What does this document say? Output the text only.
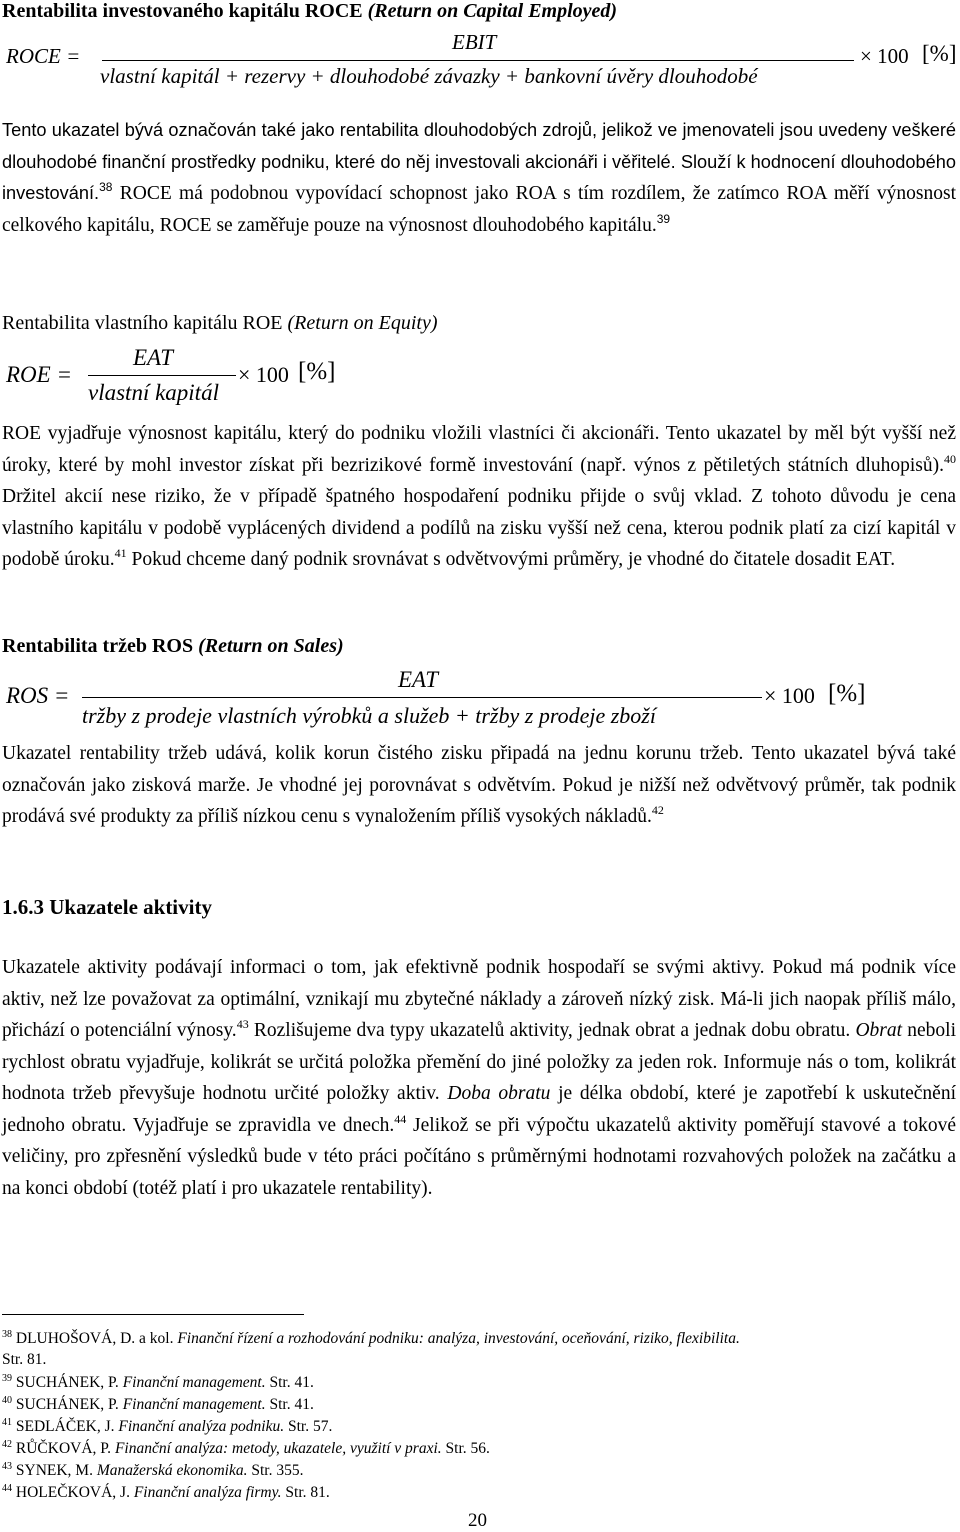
Rentabilita investovaného kapitálu ROCE (Return on Capital Employed)
ROCE =
EBIT
vlastní kapitál + rezervy + dlouhodobé závazky + bankovní úvěry dlouhodobé
× 100 [%]
Tento ukazatel bývá označován také jako rentabilita dlouhodobých zdrojů, jelikož ve jmenovateli jsou uvedeny veškeré dlouhodobé finanční prostředky podniku, které do něj investovali akcionáři i věřitelé. Slouží k hodnocení dlouhodobého investování.$^{38}$ ROCE má podobnou vypovídací schopnost jako ROA s tím rozdílem, že zatímco ROA měří výnosnost celkového kapitálu, ROCE se zaměřuje pouze na výnosnost dlouhodobého kapitálu.$^{39}$
Rentabilita vlastního kapitálu ROE (Return on Equity)
ROE =
EAT
vlastní kapitál
× 100 [%]
ROE vyjadřuje výnosnost kapitálu, který do podniku vložili vlastníci či akcionáři. Tento ukazatel by měl být vyšší než úroky, které by mohl investor získat při bezrizikové formě investování (např. výnos z pětiletých státních dluhopisů).$^{40}$ Držitel akcií nese riziko, že v případě špatného hospodaření podniku přijde o svůj vklad. Z tohoto důvodu je cena vlastního kapitálu v podobě vyplácených dividend a podílů na zisku vyšší než cena, kterou podnik platí za cizí kapitál v podobě úroku.$^{41}$ Pokud chceme daný podnik srovnávat s odvětvovými průměry, je vhodné do čitatele dosadit EAT.
Rentabilita tržeb ROS (Return on Sales)
ROS =
EAT
tržby z prodeje vlastních výrobků a služeb + tržby z prodeje zboží
× 100 [%]
Ukazatel rentability tržeb udává, kolik korun čistého zisku připadá na jednu korunu tržeb. Tento ukazatel bývá také označován jako zisková marže. Je vhodné jej porovnávat s odvětvím. Pokud je nižší než odvětvový průměr, tak podnik prodává své produkty za příliš nízkou cenu s vynaložením příliš vysokých nákladů.$^{42}$
1.6.3 Ukazatele aktivity
Ukazatele aktivity podávají informaci o tom, jak efektivně podnik hospodaří se svými aktivy. Pokud má podnik více aktiv, než lze považovat za optimální, vznikají mu zbytečné náklady a zároveň nízký zisk. Má-li jich naopak příliš málo, přichází o potenciální výnosy.$^{43}$ Rozlišujeme dva typy ukazatelů aktivity, jednak obrat a jednak dobu obratu. Obrat neboli rychlost obratu vyjadřuje, kolikrát se určitá položka přemění do jiné položky za jeden rok. Informuje nás o tom, kolikrát hodnota tržeb převyšuje hodnotu určité položky aktiv. Doba obratu je délka období, které je zapotřebí k uskutečnění jednoho obratu. Vyjadřuje se zpravidla ve dnech.$^{44}$ Jelikož se při výpočtu ukazatelů aktivity poměřují stavové a tokové veličiny, pro zpřesnění výsledků bude v této práci počítáno s průměrnými hodnotami rozvahových položek na začátku a na konci období (totéž platí i pro ukazatele rentability).
$^{38}$ DLUHOŠOVÁ, D. a kol. Finanční řízení a rozhodování podniku: analýza, investování, oceňování, riziko, flexibilita.
Str. 81.
$^{39}$ SUCHÁNEK, P. Finanční management. Str. 41.
$^{40}$ SUCHÁNEK, P. Finanční management. Str. 41.
$^{41}$ SEDLÁČEK, J. Finanční analýza podniku. Str. 57.
$^{42}$ RŮČKOVÁ, P. Finanční analýza: metody, ukazatele, využití v praxi. Str. 56.
$^{43}$ SYNEK, M. Manažerská ekonomika. Str. 355.
$^{44}$ HOLEČKOVÁ, J. Finanční analýza firmy. Str. 81.
20
